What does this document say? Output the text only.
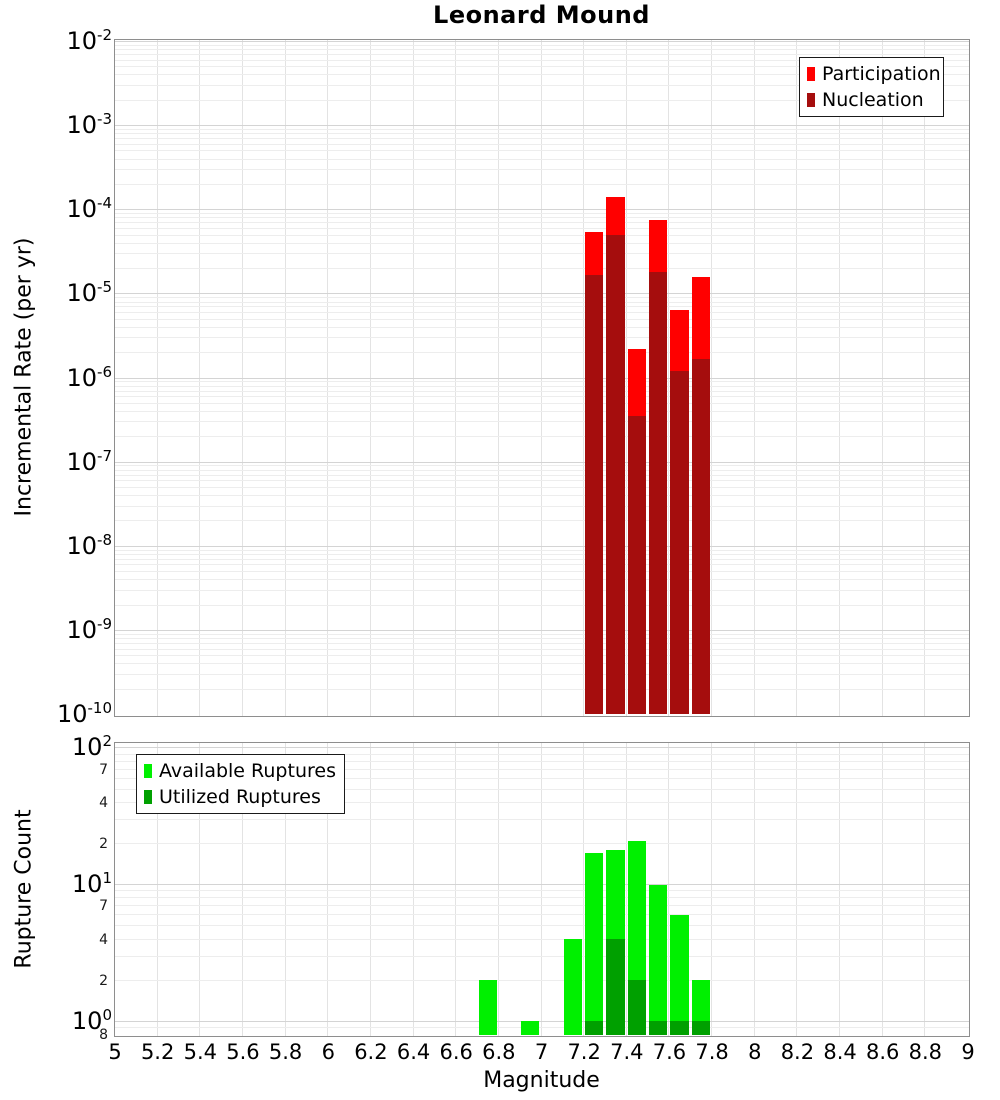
Leonard Mound
Incremental Rate (per yr)
Rupture Count
Participation
Nucleation
Available Ruptures
Utilized Ruptures
Magnitude
$10^{-2}$
$10^{-3}$
$10^{-4}$
$10^{-5}$
$10^{-6}$
$10^{-7}$
$10^{-8}$
$10^{-9}$
$10^{-10}$
$10^2$
$10^1$
$10^0$
7
4
2
7
4
2
8
5 5.2 5.4 5.6 5.8 6 6.2 6.4 6.6 6.8 7 7.2 7.4 7.6 7.8 8 8.2 8.4 8.6 8.8 9
